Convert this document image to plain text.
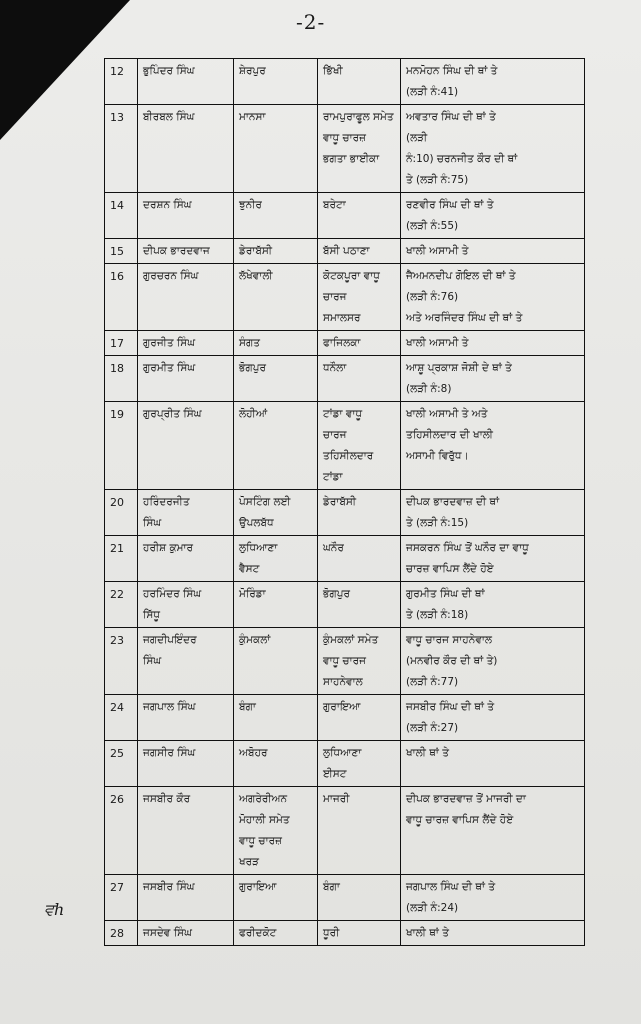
-2-
12	ਭੁਪਿੰਦਰ ਸਿੰਘ	ਸ਼ੇਰਪੁਰ	ਭਿੱਖੀ	ਮਨਮੋਹਨ ਸਿੰਘ ਦੀ ਥਾਂ ਤੇ
(ਲੜੀ ਨੰ:41)

13	ਬੀਰਬਲ ਸਿੰਘ	ਮਾਨਸਾ	ਰਾਮਪੁਰਾਫੂਲ ਸਮੇਤ
ਵਾਧੂ ਚਾਰਜ਼
ਭਗਤਾ ਭਾਈਕਾ	ਅਵਤਾਰ ਸਿੰਘ ਦੀ ਥਾਂ ਤੇ
(ਲੜੀ
ਨੰ:10) ਚਰਨਜੀਤ ਕੌਰ ਦੀ ਥਾਂ
ਤੇ (ਲੜੀ ਨੰ:75)

14	ਦਰਸ਼ਨ ਸਿੰਘ	ਝੁਨੀਰ	ਬਰੇਟਾ	ਰਣਵੀਰ ਸਿੰਘ ਦੀ ਥਾਂ ਤੇ
(ਲੜੀ ਨੰ:55)

15	ਦੀਪਕ ਭਾਰਦਵਾਜ	ਡੇਰਾਬੱਸੀ	ਬੱਸੀ ਪਠਾਣਾ	ਖਾਲੀ ਅਸਾਮੀ ਤੇ
16	ਗੁਰਚਰਨ ਸਿੰਘ	ਲੱਖੇਵਾਲੀ	ਕੋਟਕਪੂਰਾ ਵਾਧੂ
ਚਾਰਜ
ਸਮਾਲਸਰ	ਜੈਅਮਨਦੀਪ ਗੋਇਲ ਦੀ ਥਾਂ ਤੇ
(ਲੜੀ ਨੰ:76)
ਅਤੇ ਅਰਜਿੰਦਰ ਸਿੰਘ ਦੀ ਥਾਂ ਤੇ

17	ਗੁਰਜੀਤ ਸਿੰਘ	ਸੰਗਤ	ਫਾਜਿਲਕਾ	ਖਾਲੀ ਅਸਾਮੀ ਤੇ
18	ਗੁਰਮੀਤ ਸਿੰਘ	ਭੋਗਪੁਰ	ਧਨੌਲਾ	ਆਸ਼ੂ ਪ੍ਰਕਾਸ਼ ਜੋਸ਼ੀ ਦੇ ਥਾਂ ਤੇ
(ਲੜੀ ਨੰ:8)

19	ਗੁਰਪ੍ਰੀਤ ਸਿੰਘ	ਲੋਹੀਆਂ	ਟਾਂਡਾ ਵਾਧੂ
ਚਾਰਜ
ਤਹਿਸੀਲਦਾਰ
ਟਾਂਡਾ	ਖਾਲੀ ਅਸਾਮੀ ਤੇ ਅਤੇ
ਤਹਿਸੀਲਦਾਰ ਦੀ ਖਾਲੀ
ਅਸਾਮੀ ਵਿਰੁੱਧ।

20	ਹਰਿੰਦਰਜੀਤ
ਸਿੰਘ	ਪੋਸਟਿੰਗ ਲਈ
ਉਪਲਬੱਧ	ਡੇਰਾਬੱਸੀ	ਦੀਪਕ ਭਾਰਦਵਾਜ਼ ਦੀ ਥਾਂ
ਤੇ (ਲੜੀ ਨੰ:15)

21	ਹਰੀਸ਼ ਕੁਮਾਰ	ਲੁਧਿਆਣਾ
ਵੈਸਟ	ਘਨੌਰ	ਜਸਕਰਨ ਸਿੰਘ ਤੋਂ ਘਨੌਰ ਦਾ ਵਾਧੂ
ਚਾਰਜ਼ ਵਾਪਿਸ ਲੈਂਦੇ ਹੋਏ

22	ਹਰਮਿੰਦਰ ਸਿੰਘ
ਸਿੱਧੂ	ਮੋਰਿੰਡਾ	ਭੋਗਪੁਰ	ਗੁਰਮੀਤ ਸਿੰਘ ਦੀ ਥਾਂ
ਤੇ (ਲੜੀ ਨੰ:18)

23	ਜਗਦੀਪਇੰਦਰ
ਸਿੰਘ	ਕੁੰਮਕਲਾਂ	ਕੁੰਮਕਲਾਂ ਸਮੇਤ
ਵਾਧੂ ਚਾਰਜ
ਸਾਹਨੇਵਾਲ	ਵਾਧੂ ਚਾਰਜ ਸਾਹਨੇਵਾਲ
(ਮਨਵੀਰ ਕੌਰ ਦੀ ਥਾਂ ਤੇ)
(ਲੜੀ ਨੰ:77)

24	ਜਗਪਾਲ ਸਿੰਘ	ਬੰਗਾ	ਗੁਰਾਇਆ	ਜਸਬੀਰ ਸਿੰਘ ਦੀ ਥਾਂ ਤੇ
(ਲੜੀ ਨੰ:27)

25	ਜਗਸੀਰ ਸਿੰਘ	ਅਬੋਹਰ	ਲੁਧਿਆਣਾ
ਈਸਟ	ਖਾਲੀ ਥਾਂ ਤੇ
26	ਜਸਬੀਰ ਕੌਰ	ਅਗਰੇਰੀਅਨ
ਮੋਹਾਲੀ ਸਮੇਤ
ਵਾਧੂ ਚਾਰਜ਼
ਖਰੜ	ਮਾਜਰੀ	ਦੀਪਕ ਭਾਰਦਵਾਜ਼ ਤੋਂ ਮਾਜਰੀ ਦਾ
ਵਾਧੂ ਚਾਰਜ਼ ਵਾਪਿਸ ਲੈਂਦੇ ਹੋਏ

27	ਜਸਬੀਰ ਸਿੰਘ	ਗੁਰਾਇਆ	ਬੰਗਾ	ਜਗਪਾਲ ਸਿੰਘ ਦੀ ਥਾਂ ਤੇ
(ਲੜੀ ਨੰ:24)

28	ਜਸਦੇਵ ਸਿੰਘ	ਫਰੀਦਕੋਟ	ਧੂਰੀ	ਖਾਲੀ ਥਾਂ ਤੇ
ਵh
